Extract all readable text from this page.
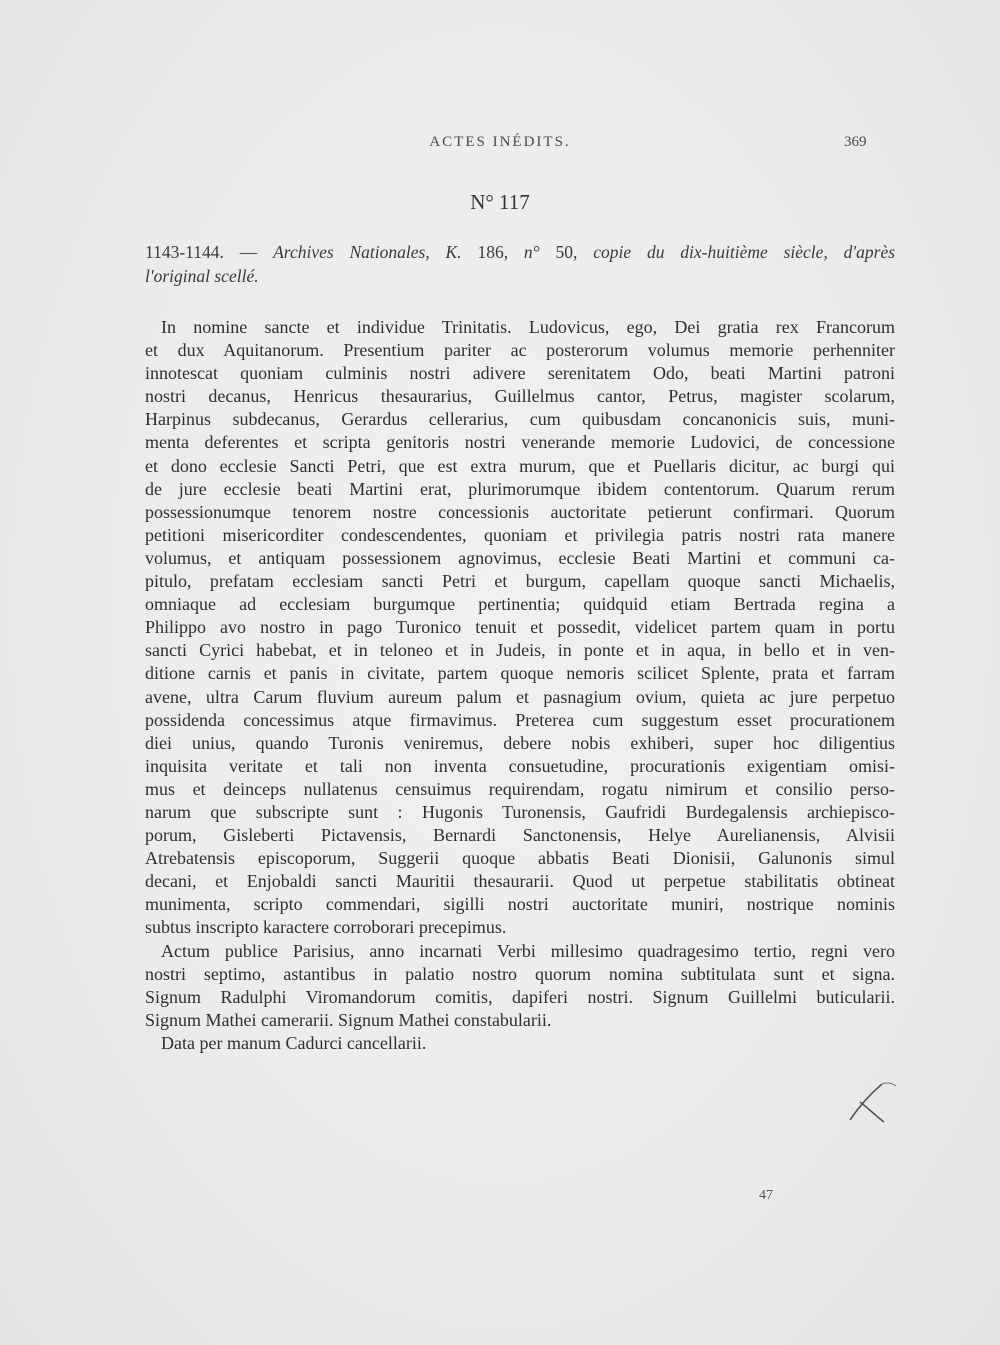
ACTES INÉDITS.	369
N° 117
1143-1144. — Archives Nationales, K. 186, n° 50, copie du dix-huitième siècle, d'après
l'original scellé.
In nomine sancte et individue Trinitatis. Ludovicus, ego, Dei gratia rex Francorum
et dux Aquitanorum. Presentium pariter ac posterorum volumus memorie perhenniter
innotescat quoniam culminis nostri adivere serenitatem Odo, beati Martini patroni
nostri decanus, Henricus thesaurarius, Guillelmus cantor, Petrus, magister scolarum,
Harpinus subdecanus, Gerardus cellerarius, cum quibusdam concanonicis suis, muni-
menta deferentes et scripta genitoris nostri venerande memorie Ludovici, de concessione
et dono ecclesie Sancti Petri, que est extra murum, que et Puellaris dicitur, ac burgi qui
de jure ecclesie beati Martini erat, plurimorumque ibidem contentorum. Quarum rerum
possessionumque tenorem nostre concessionis auctoritate petierunt confirmari. Quorum
petitioni misericorditer condescendentes, quoniam et privilegia patris nostri rata manere
volumus, et antiquam possessionem agnovimus, ecclesie Beati Martini et communi ca-
pitulo, prefatam ecclesiam sancti Petri et burgum, capellam quoque sancti Michaelis,
omniaque ad ecclesiam burgumque pertinentia; quidquid etiam Bertrada regina a
Philippo avo nostro in pago Turonico tenuit et possedit, videlicet partem quam in portu
sancti Cyrici habebat, et in teloneo et in Judeis, in ponte et in aqua, in bello et in ven-
ditione carnis et panis in civitate, partem quoque nemoris scilicet Splente, prata et farram
avene, ultra Carum fluvium aureum palum et pasnagium ovium, quieta ac jure perpetuo
possidenda concessimus atque firmavimus. Preterea cum suggestum esset procurationem
diei unius, quando Turonis veniremus, debere nobis exhiberi, super hoc diligentius
inquisita veritate et tali non inventa consuetudine, procurationis exigentiam omisi-
mus et deinceps nullatenus censuimus requirendam, rogatu nimirum et consilio perso-
narum que subscripte sunt : Hugonis Turonensis, Gaufridi Burdegalensis archiepisco-
porum, Gisleberti Pictavensis, Bernardi Sanctonensis, Helye Aurelianensis, Alvisii
Atrebatensis episcoporum, Suggerii quoque abbatis Beati Dionisii, Galunonis simul
decani, et Enjobaldi sancti Mauritii thesaurarii. Quod ut perpetue stabilitatis obtineat
munimenta, scripto commendari, sigilli nostri auctoritate muniri, nostrique nominis
subtus inscripto karactere corroborari precepimus.
Actum publice Parisius, anno incarnati Verbi millesimo quadragesimo tertio, regni vero
nostri septimo, astantibus in palatio nostro quorum nomina subtitulata sunt et signa.
Signum Radulphi Viromandorum comitis, dapiferi nostri. Signum Guillelmi buticularii.
Signum Mathei camerarii. Signum Mathei constabularii.
Data per manum Cadurci cancellarii.
47
